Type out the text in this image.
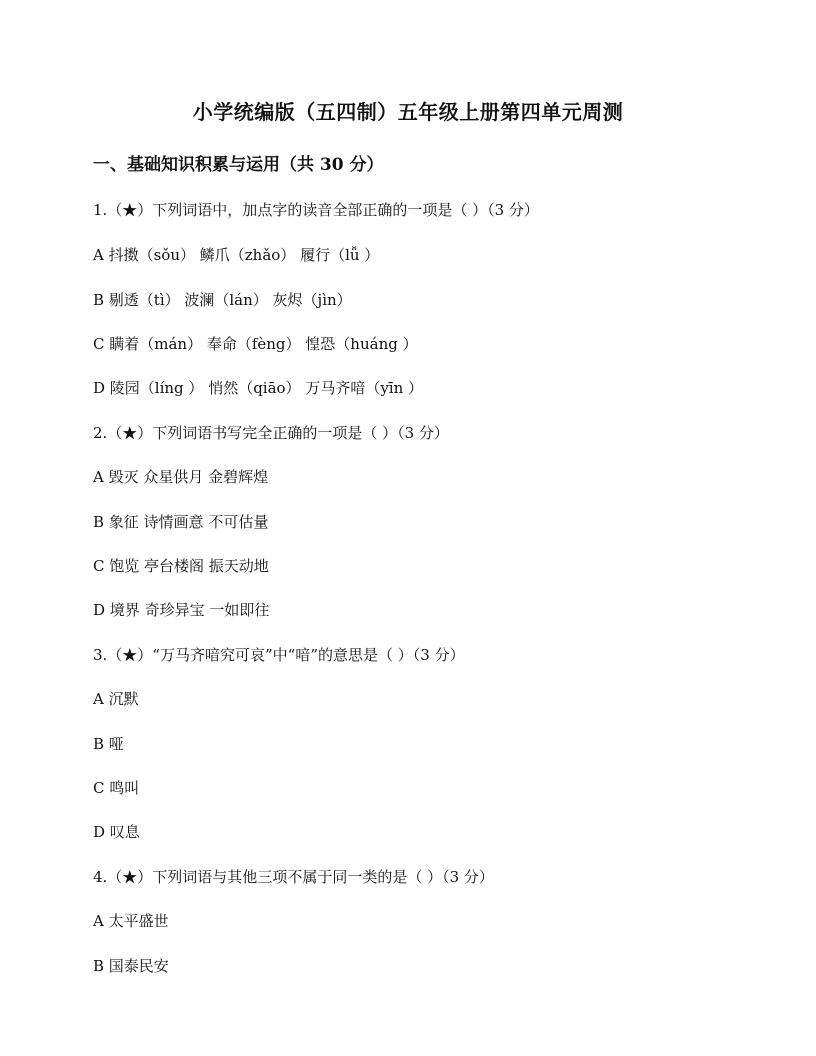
小学统编版（五四制）五年级上册第四单元周测
一、基础知识积累与运用（共 30 分）
1.（★）下列词语中，加点字的读音全部正确的一项是（ ）（3 分）
A 抖擞（sǒu） 鳞爪（zhǎo） 履行（lǚ ）
B 剔透（tì） 波澜（lán） 灰烬（jìn）
C 瞒着（mán） 奉命（fèng） 惶恐（huáng ）
D 陵园（líng ） 悄然（qiāo） 万马齐喑（yīn ）
2.（★）下列词语书写完全正确的一项是（ ）（3 分）
A 毁灭 众星供月 金碧辉煌
B 象征 诗情画意 不可估量
C 饱览 亭台楼阁 振天动地
D 境界 奇珍异宝 一如即往
3.（★）“万马齐喑究可哀”中“喑”的意思是（ ）（3 分）
A 沉默
B 哑
C 鸣叫
D 叹息
4.（★）下列词语与其他三项不属于同一类的是（ ）（3 分）
A 太平盛世
B 国泰民安
